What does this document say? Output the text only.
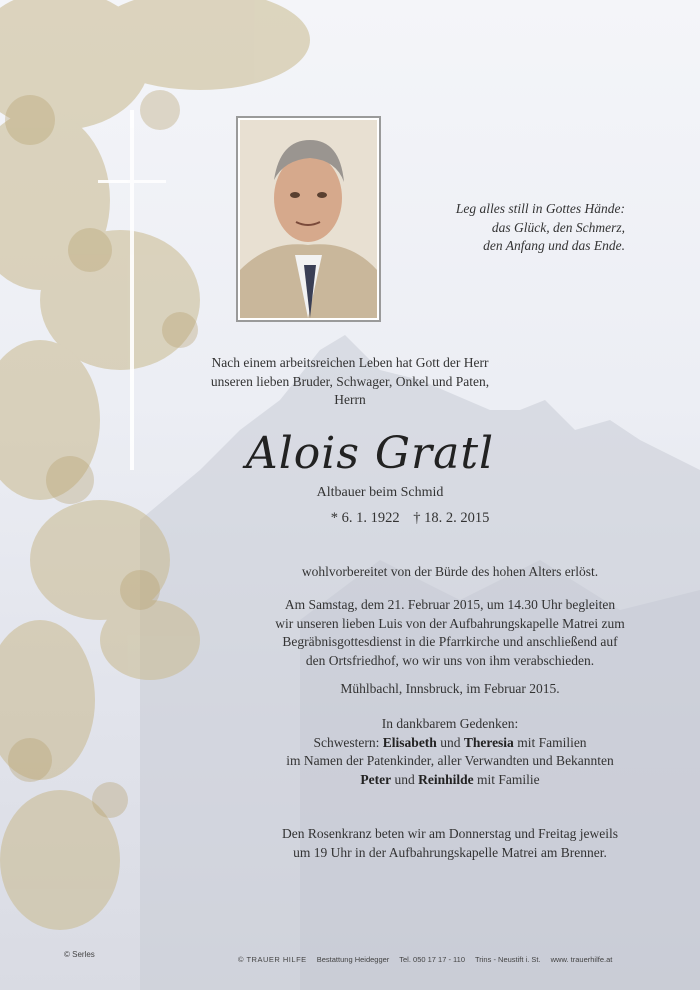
Leg alles still in Gottes Hände:
das Glück, den Schmerz,
den Anfang und das Ende.
Nach einem arbeitsreichen Leben hat Gott der Herr
unseren lieben Bruder, Schwager, Onkel und Paten,
Herrn
Alois Gratl
Altbauer beim Schmid
* 6. 1. 1922 † 18. 2. 2015
wohlvorbereitet von der Bürde des hohen Alters erlöst.
Am Samstag, dem 21. Februar 2015, um 14.30 Uhr begleiten
wir unseren lieben Luis von der Aufbahrungskapelle Matrei zum
Begräbnisgottesdienst in die Pfarrkirche und anschließend auf
den Ortsfriedhof, wo wir uns von ihm verabschieden.
Mühlbachl, Innsbruck, im Februar 2015.
In dankbarem Gedenken:
Schwestern: Elisabeth und Theresia mit Familien
im Namen der Patenkinder, aller Verwandten und Bekannten
Peter und Reinhilde mit Familie
Den Rosenkranz beten wir am Donnerstag und Freitag jeweils
um 19 Uhr in der Aufbahrungskapelle Matrei am Brenner.
© Serles
© TRAUER HILFE Bestattung Heidegger Tel. 050 17 17 - 110 Trins - Neustift i. St. www. trauerhilfe.at
